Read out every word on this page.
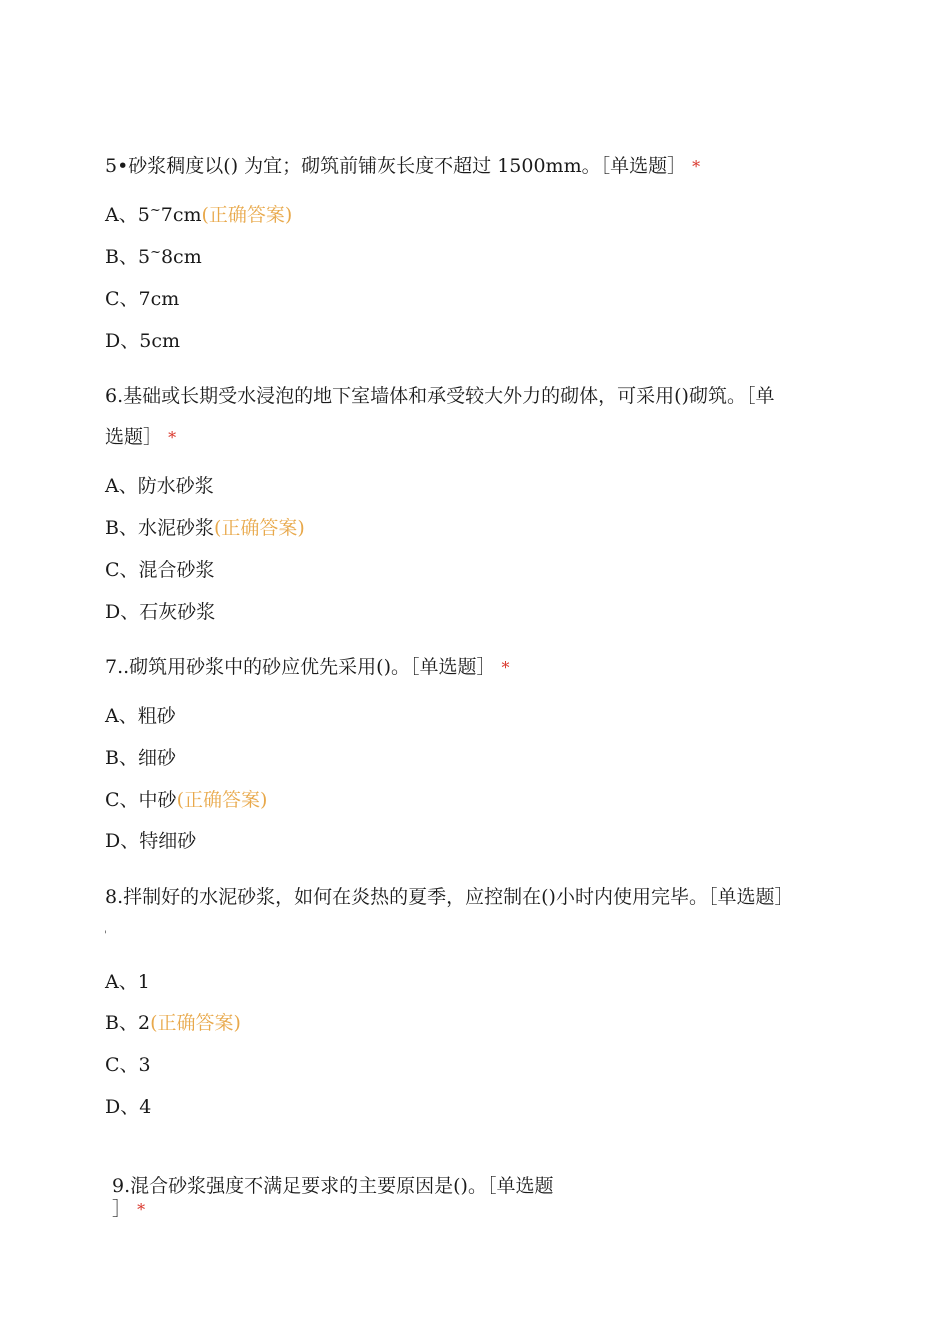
5•砂浆稠度以() 为宜；砌筑前铺灰长度不超过 1500mm。［单选题］ *
A、5~7cm(正确答案)
B、5~8cm
C、7cm
D、5cm
6.基础或长期受水浸泡的地下室墙体和承受较大外力的砌体，可采用()砌筑。［单
选题］ *
A、防水砂浆
B、水泥砂浆(正确答案)
C、混合砂浆
D、石灰砂浆
7..砌筑用砂浆中的砂应优先采用()。［单选题］ *
A、粗砂
B、细砂
C、中砂(正确答案)
D、特细砂
8.拌制好的水泥砂浆，如何在炎热的夏季，应控制在()小时内使用完毕。［单选题］
'
A、1
B、2(正确答案)
C、3
D、4
9.混合砂浆强度不满足要求的主要原因是()。［单选题
］ *
